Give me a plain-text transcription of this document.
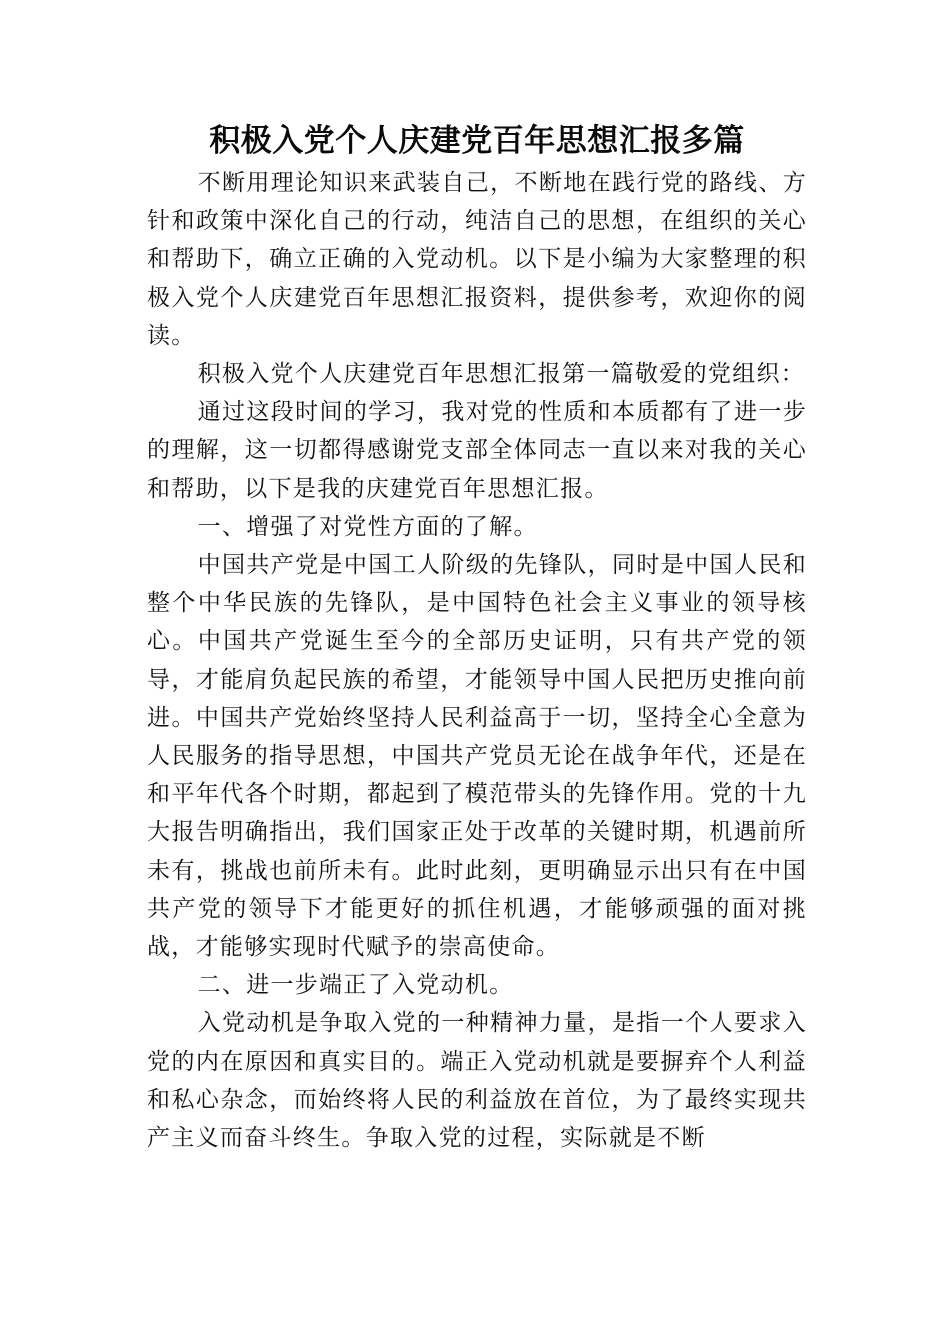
积极入党个人庆建党百年思想汇报多篇

不断用理论知识来武装自己，不断地在践行党的路线、方针和政策中深化自己的行动，纯洁自己的思想，在组织的关心和帮助下，确立正确的入党动机。以下是小编为大家整理的积极入党个人庆建党百年思想汇报资料，提供参考，欢迎你的阅读。

积极入党个人庆建党百年思想汇报第一篇敬爱的党组织：

通过这段时间的学习，我对党的性质和本质都有了进一步的理解，这一切都得感谢党支部全体同志一直以来对我的关心和帮助，以下是我的庆建党百年思想汇报。

一、增强了对党性方面的了解。

中国共产党是中国工人阶级的先锋队，同时是中国人民和整个中华民族的先锋队，是中国特色社会主义事业的领导核心。中国共产党诞生至今的全部历史证明，只有共产党的领导，才能肩负起民族的希望，才能领导中国人民把历史推向前进。中国共产党始终坚持人民利益高于一切，坚持全心全意为人民服务的指导思想，中国共产党员无论在战争年代，还是在和平年代各个时期，都起到了模范带头的先锋作用。党的十九大报告明确指出，我们国家正处于改革的关键时期，机遇前所未有，挑战也前所未有。此时此刻，更明确显示出只有在中国共产党的领导下才能更好的抓住机遇，才能够顽强的面对挑战，才能够实现时代赋予的崇高使命。

二、进一步端正了入党动机。

入党动机是争取入党的一种精神力量，是指一个人要求入党的内在原因和真实目的。端正入党动机就是要摒弃个人利益和私心杂念，而始终将人民的利益放在首位，为了最终实现共产主义而奋斗终生。争取入党的过程，实际就是不断
